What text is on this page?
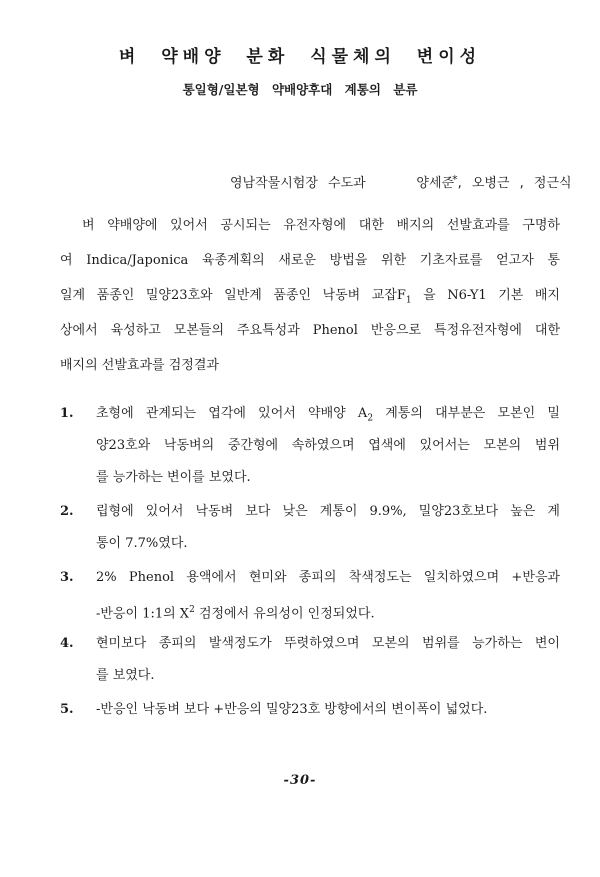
벼 약배양 분화 식물체의 변이성
통일형/일본형 약배양후대 계통의 분류
영남작물시험장 수도과	양세준*, 오병근 , 정근식
벼 약배양에 있어서 공시되는 유전자형에 대한 배지의 선발효과를 구명하
여 Indica/Japonica 육종계획의 새로운 방법을 위한 기초자료를 얻고자 통
일계 품종인 밀양23호와 일반계 품종인 낙동벼 교잡$F_1$ 을 N6-Y1 기본 배지
상에서 육성하고 모본들의 주요특성과 Phenol 반응으로 특정유전자형에 대한
배지의 선발효과를 검정결과
1.	초형에 관계되는 엽각에 있어서 약배양 $A_2$ 계통의 대부분은 모본인 밀
양23호와 낙동벼의 중간형에 속하였으며 엽색에 있어서는 모본의 범위
를 능가하는 변이를 보였다.
2.	립형에 있어서 낙동벼 보다 낮은 계통이 9.9%, 밀양23호보다 높은 계
통이 7.7%였다.
3.	2% Phenol 용액에서 현미와 종피의 착색정도는 일치하였으며 +반응과
-반응이 1:1의 $X^2$ 검정에서 유의성이 인정되었다.
4.	현미보다 종피의 발색정도가 뚜렷하였으며 모본의 범위를 능가하는 변이
를 보였다.
5.	-반응인 낙동벼 보다 +반응의 밀양23호 방향에서의 변이폭이 넓었다.
-30-
